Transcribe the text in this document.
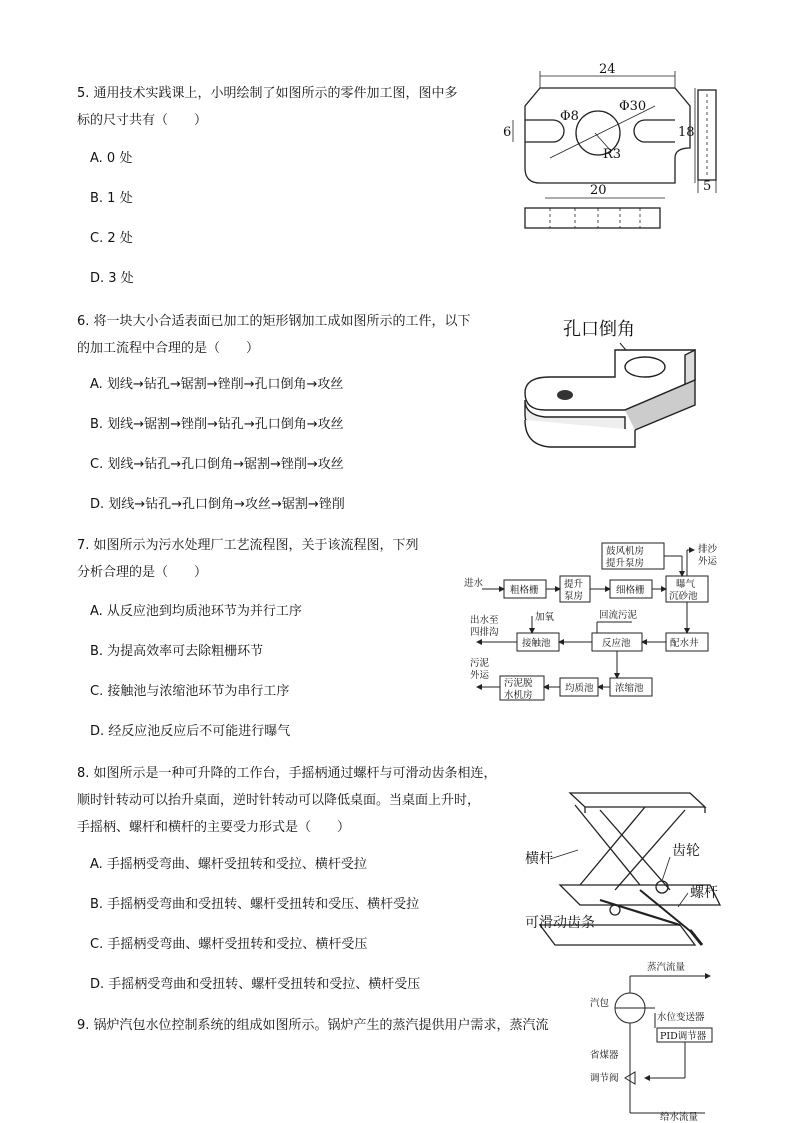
5. 通用技术实践课上，小明绘制了如图所示的零件加工图，图中多
标的尺寸共有（　　）
A. 0 处
B. 1 处
C. 2 处
D. 3 处
24
Φ8
Φ30
6	18
R3
20	5
6. 将一块大小合适表面已加工的矩形钢加工成如图所示的工件，以下
的加工流程中合理的是（　　）
A. 划线→钻孔→锯割→锉削→孔口倒角→攻丝
B. 划线→锯割→锉削→钻孔→孔口倒角→攻丝
C. 划线→钻孔→孔口倒角→锯割→锉削→攻丝
D. 划线→钻孔→孔口倒角→攻丝→锯割→锉削
孔口倒角
7. 如图所示为污水处理厂工艺流程图，关于该流程图，下列
分析合理的是（　　）
A. 从反应池到均质池环节为并行工序
B. 为提高效率可去除粗栅环节
C. 接触池与浓缩池环节为串行工序
D. 经反应池反应后不可能进行曝气
鼓风机房
提升泵房
排沙
外运
进水
粗格栅
提升
泵房
细格栅
曝气
沉砂池
出水至
四排沟
加氧	回流污泥
接触池	反应池	配水井
污泥
外运
污泥脱
水机房
均质池 浓缩池
8. 如图所示是一种可升降的工作台，手摇柄通过螺杆与可滑动齿条相连，
顺时针转动可以抬升桌面，逆时针转动可以降低桌面。当桌面上升时，
手摇柄、螺杆和横杆的主要受力形式是（　　）
A. 手摇柄受弯曲、螺杆受扭转和受拉、横杆受拉
B. 手摇柄受弯曲和受扭转、螺杆受扭转和受压、横杆受拉
C. 手摇柄受弯曲、螺杆受扭转和受拉、横杆受压
D. 手摇柄受弯曲和受扭转、螺杆受扭转和受拉、横杆受压
横杆	齿轮
螺杆
可滑动齿条
9. 锅炉汽包水位控制系统的组成如图所示。锅炉产生的蒸汽提供用户需求，蒸汽流
蒸汽流量
汽包
水位变送器
PID调节器
省煤器
调节阀
给水流量
